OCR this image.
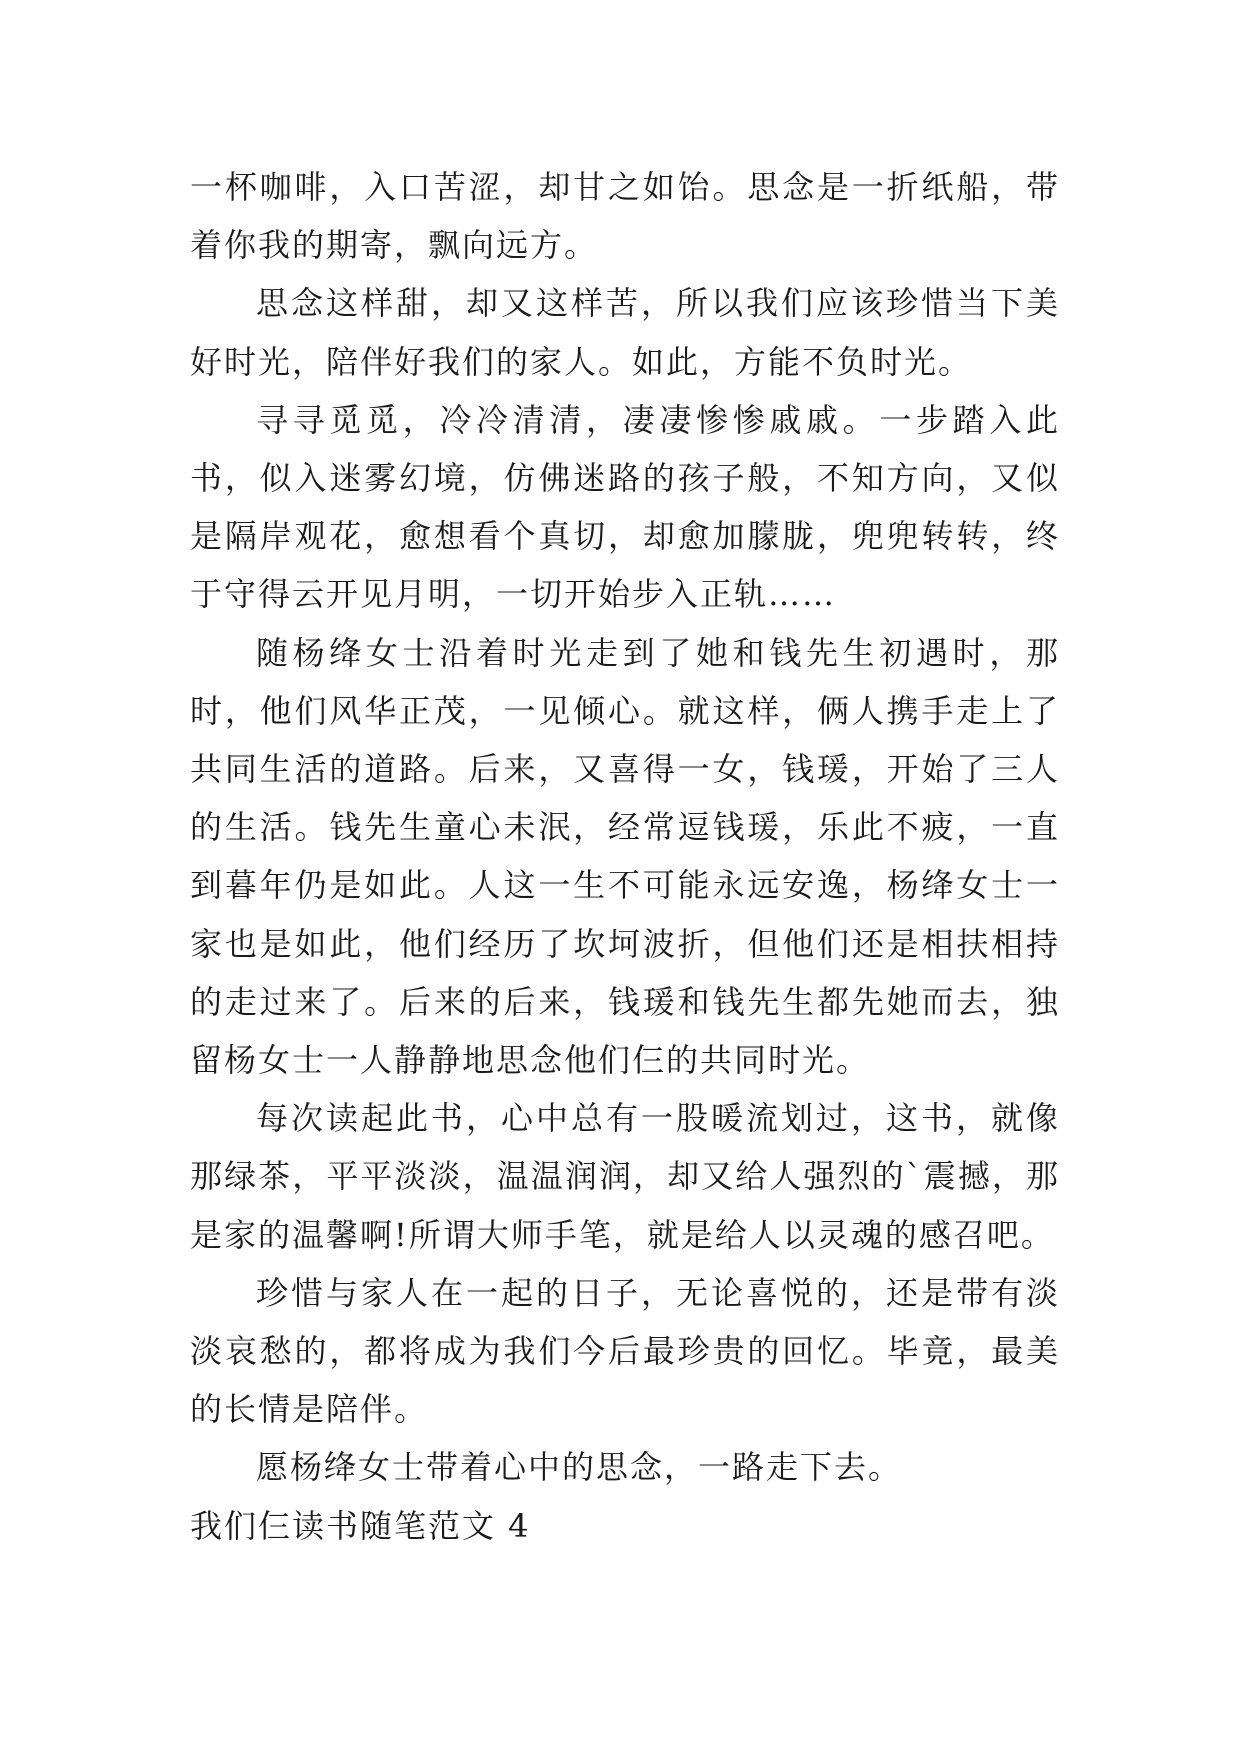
一杯咖啡，入口苦涩，却甘之如饴。思念是一折纸船，带着你我的期寄，飘向远方。

思念这样甜，却又这样苦，所以我们应该珍惜当下美好时光，陪伴好我们的家人。如此，方能不负时光。

寻寻觅觅，冷冷清清，凄凄惨惨戚戚。一步踏入此书，似入迷雾幻境，仿佛迷路的孩子般，不知方向，又似是隔岸观花，愈想看个真切，却愈加朦胧，兜兜转转，终于守得云开见月明，一切开始步入正轨……

随杨绛女士沿着时光走到了她和钱先生初遇时，那时，他们风华正茂，一见倾心。就这样，俩人携手走上了共同生活的道路。后来，又喜得一女，钱瑗，开始了三人的生活。钱先生童心未泯，经常逗钱瑗，乐此不疲，一直到暮年仍是如此。人这一生不可能永远安逸，杨绛女士一家也是如此，他们经历了坎坷波折，但他们还是相扶相持的走过来了。后来的后来，钱瑗和钱先生都先她而去，独留杨女士一人静静地思念他们仨的共同时光。

每次读起此书，心中总有一股暖流划过，这书，就像那绿茶，平平淡淡，温温润润，却又给人强烈的`震撼，那是家的温馨啊!所谓大师手笔，就是给人以灵魂的感召吧。

珍惜与家人在一起的日子，无论喜悦的，还是带有淡淡哀愁的，都将成为我们今后最珍贵的回忆。毕竟，最美的长情是陪伴。

愿杨绛女士带着心中的思念，一路走下去。

我们仨读书随笔范文 4
